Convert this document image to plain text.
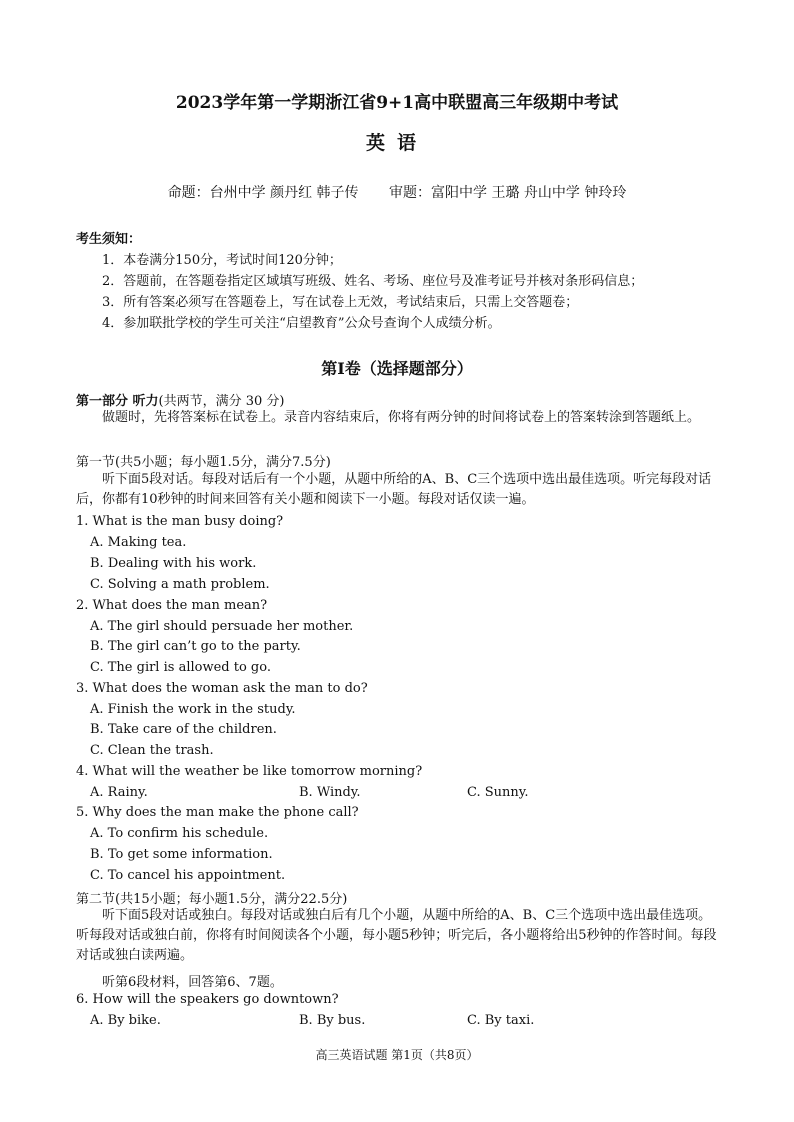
2023学年第一学期浙江省9+1高中联盟高三年级期中考试
英语
命题：台州中学 颜丹红 韩子传 审题：富阳中学 王璐 舟山中学 钟玲玲
考生须知：
1．本卷满分150分，考试时间120分钟；
2．答题前，在答题卷指定区域填写班级、姓名、考场、座位号及准考证号并核对条形码信息；
3．所有答案必须写在答题卷上，写在试卷上无效，考试结束后，只需上交答题卷；
4．参加联批学校的学生可关注“启望教育”公众号查询个人成绩分析。
第Ⅰ卷（选择题部分）
第一部分 听力(共两节，满分 30 分)
做题时，先将答案标在试卷上。录音内容结束后，你将有两分钟的时间将试卷上的答案转涂到答题纸上。
第一节(共5小题；每小题1.5分，满分7.5分)
听下面5段对话。每段对话后有一个小题，从题中所给的A、B、C三个选项中选出最佳选项。听完每段对话后，你都有10秒钟的时间来回答有关小题和阅读下一小题。每段对话仅读一遍。
1. What is the man busy doing?
A. Making tea.
B. Dealing with his work.
C. Solving a math problem.
2. What does the man mean?
A. The girl should persuade her mother.
B. The girl can’t go to the party.
C. The girl is allowed to go.
3. What does the woman ask the man to do?
A. Finish the work in the study.
B. Take care of the children.
C. Clean the trash.
4. What will the weather be like tomorrow morning?
A. Rainy.	B. Windy.	C. Sunny.
5. Why does the man make the phone call?
A. To confirm his schedule.
B. To get some information.
C. To cancel his appointment.
第二节(共15小题；每小题1.5分，满分22.5分)
听下面5段对话或独白。每段对话或独白后有几个小题，从题中所给的A、B、C三个选项中选出最佳选项。听每段对话或独白前，你将有时间阅读各个小题，每小题5秒钟；听完后，各小题将给出5秒钟的作答时间。每段对话或独白读两遍。
听第6段材料，回答第6、7题。
6. How will the speakers go downtown?
A. By bike.	B. By bus.	C. By taxi.
高三英语试题 第1页（共8页）
